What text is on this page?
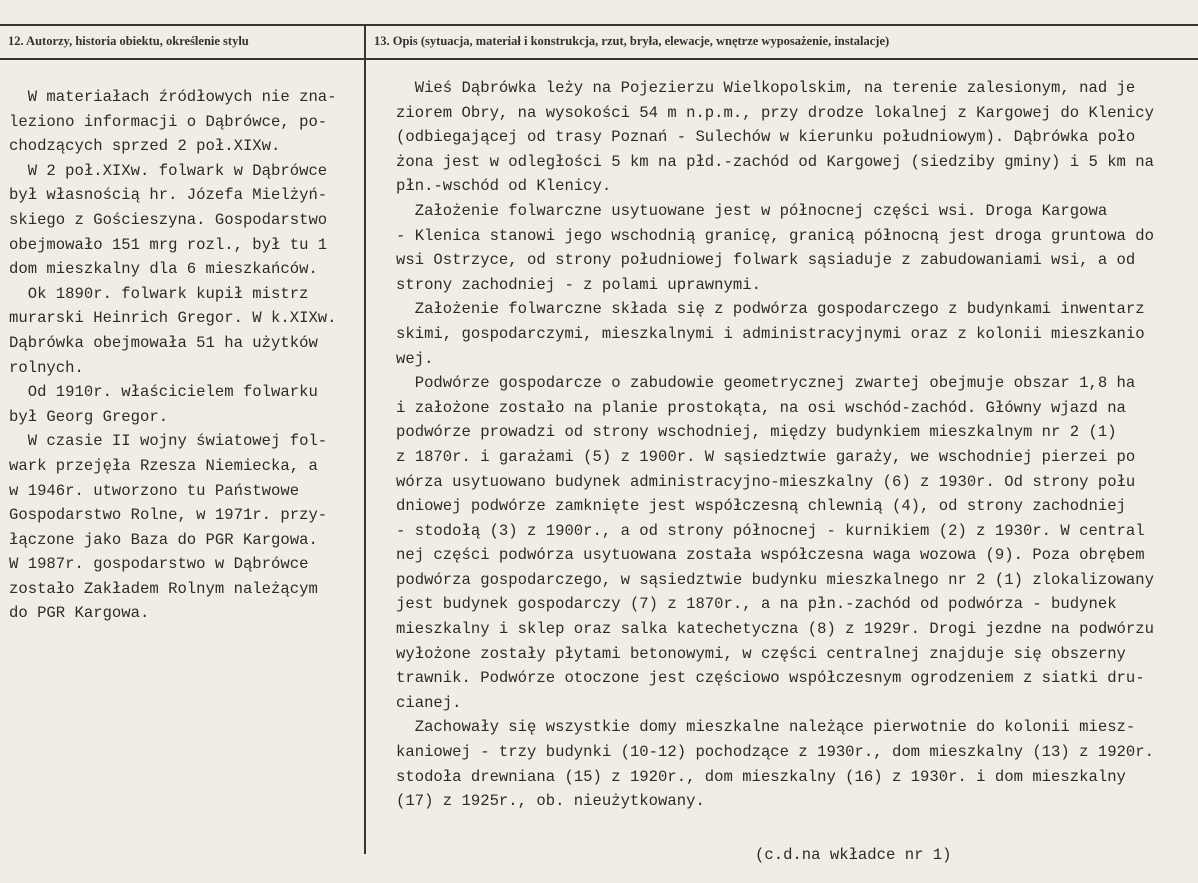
12. Autorzy, historia obiektu, określenie stylu	13. Opis (sytuacja, materiał i konstrukcja, rzut, bryła, elewacje, wnętrze wyposażenie, instalacje)
W materiałach źródłowych nie zna-
leziono informacji o Dąbrówce, po-
chodzących sprzed 2 poł.XIXw.
W 2 poł.XIXw. folwark w Dąbrówce
był własnością hr. Józefa Mielżyń-
skiego z Gościeszyna. Gospodarstwo
obejmowało 151 mrg rozl., był tu 1
dom mieszkalny dla 6 mieszkańców.
Ok 1890r. folwark kupił mistrz
murarski Heinrich Gregor. W k.XIXw.
Dąbrówka obejmowała 51 ha użytków
rolnych.
Od 1910r. właścicielem folwarku
był Georg Gregor.
W czasie II wojny światowej fol-
wark przejęła Rzesza Niemiecka, a
w 1946r. utworzono tu Państwowe
Gospodarstwo Rolne, w 1971r. przy-
łączone jako Baza do PGR Kargowa.
W 1987r. gospodarstwo w Dąbrówce
zostało Zakładem Rolnym należącym
do PGR Kargowa.
Wieś Dąbrówka leży na Pojezierzu Wielkopolskim, na terenie zalesionym, nad je
ziorem Obry, na wysokości 54 m n.p.m., przy drodze lokalnej z Kargowej do Klenicy
(odbiegającej od trasy Poznań - Sulechów w kierunku południowym). Dąbrówka poło
żona jest w odległości 5 km na płd.-zachód od Kargowej (siedziby gminy) i 5 km na
płn.-wschód od Klenicy.
Założenie folwarczne usytuowane jest w północnej części wsi. Droga Kargowa
- Klenica stanowi jego wschodnią granicę, granicą północną jest droga gruntowa do
wsi Ostrzyce, od strony południowej folwark sąsiaduje z zabudowaniami wsi, a od
strony zachodniej - z polami uprawnymi.
Założenie folwarczne składa się z podwórza gospodarczego z budynkami inwentarz
skimi, gospodarczymi, mieszkalnymi i administracyjnymi oraz z kolonii mieszkanio
wej.
Podwórze gospodarcze o zabudowie geometrycznej zwartej obejmuje obszar 1,8 ha
i założone zostało na planie prostokąta, na osi wschód-zachód. Główny wjazd na
podwórze prowadzi od strony wschodniej, między budynkiem mieszkalnym nr 2 (1)
z 1870r. i garażami (5) z 1900r. W sąsiedztwie garaży, we wschodniej pierzei po
wórza usytuowano budynek administracyjno-mieszkalny (6) z 1930r. Od strony połu
dniowej podwórze zamknięte jest współczesną chlewnią (4), od strony zachodniej
- stodołą (3) z 1900r., a od strony północnej - kurnikiem (2) z 1930r. W central
nej części podwórza usytuowana została współczesna waga wozowa (9). Poza obrębem
podwórza gospodarczego, w sąsiedztwie budynku mieszkalnego nr 2 (1) zlokalizowany
jest budynek gospodarczy (7) z 1870r., a na płn.-zachód od podwórza - budynek
mieszkalny i sklep oraz salka katechetyczna (8) z 1929r. Drogi jezdne na podwórzu
wyłożone zostały płytami betonowymi, w części centralnej znajduje się obszerny
trawnik. Podwórze otoczone jest częściowo współczesnym ogrodzeniem z siatki dru-
cianej.
Zachowały się wszystkie domy mieszkalne należące pierwotnie do kolonii miesz-
kaniowej - trzy budynki (10-12) pochodzące z 1930r., dom mieszkalny (13) z 1920r.
stodoła drewniana (15) z 1920r., dom mieszkalny (16) z 1930r. i dom mieszkalny
(17) z 1925r., ob. nieużytkowany.
(c.d.na wkładce nr 1)
